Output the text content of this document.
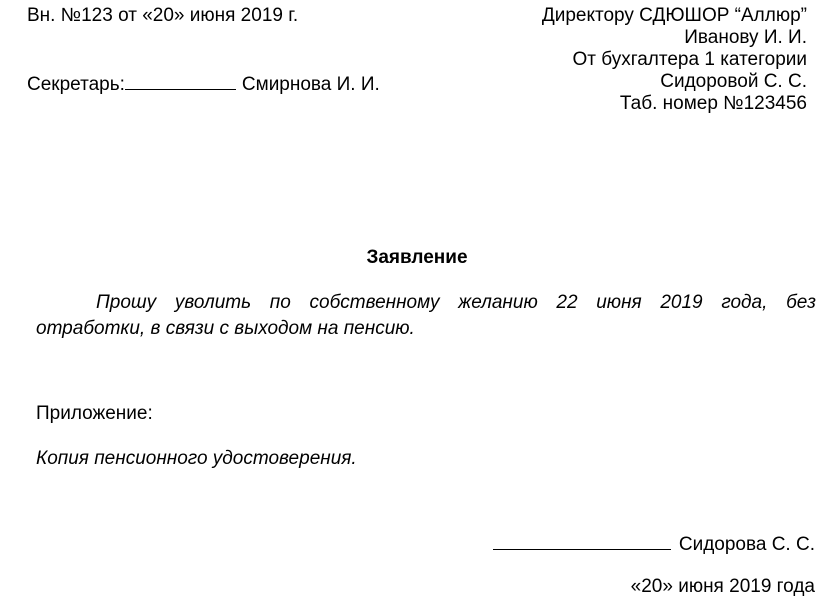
Вн. №123 от «20» июня 2019 г.
Секретарь:	Смирнова И. И.
Директору СДЮШОР “Аллюр”
Иванову И. И.
От бухгалтера 1 категории
Сидоровой С. С.
Таб. номер №123456
Заявление
Прошу уволить по собственному желанию 22 июня 2019 года, без
отработки, в связи с выходом на пенсию.
Приложение:
Копия пенсионного удостоверения.
Сидорова С. С.
«20» июня 2019 года
